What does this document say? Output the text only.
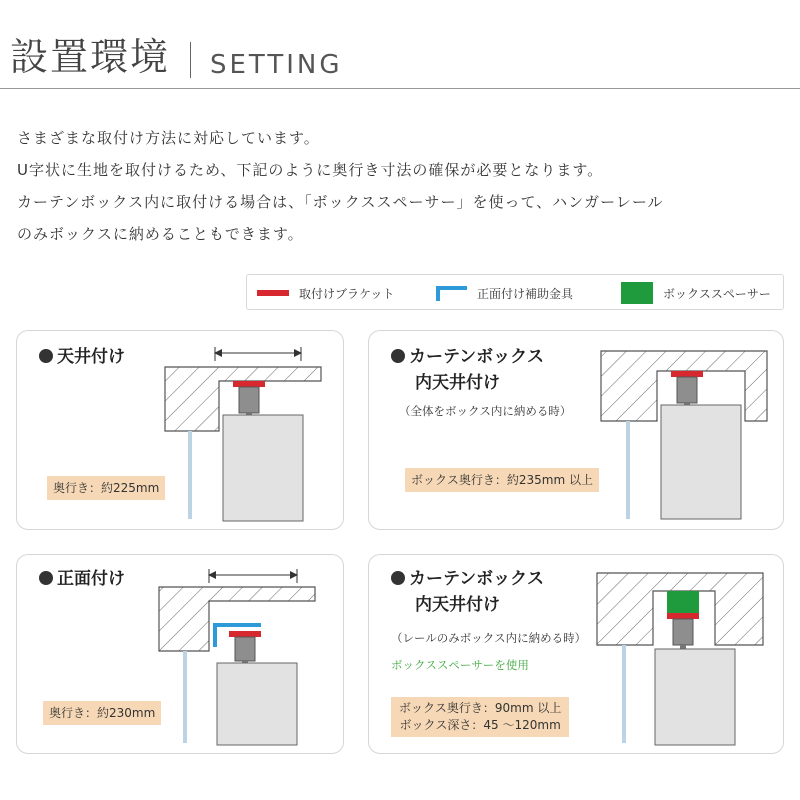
設置環境 SETTING

さまざまな取付け方法に対応しています。

U字状に生地を取付けるため、下記のように奥行き寸法の確保が必要となります。

カーテンボックス内に取付ける場合は、「ボックススペーサー」を使って、ハンガーレール

のみボックスに納めることもできます。

取付けブラケット	正面付け補助金具	ボックススペーサー
天井付け
奥行き：約225mm
カーテンボックス
内天井付け
（全体をボックス内に納める時）
ボックス奥行き：約235mm 以上
正面付け
奥行き：約230mm
カーテンボックス
内天井付け
（レールのみボックス内に納める時）
ボックススペーサーを使用
ボックス奥行き：90mm 以上
ボックス深さ：45 ～120mm
